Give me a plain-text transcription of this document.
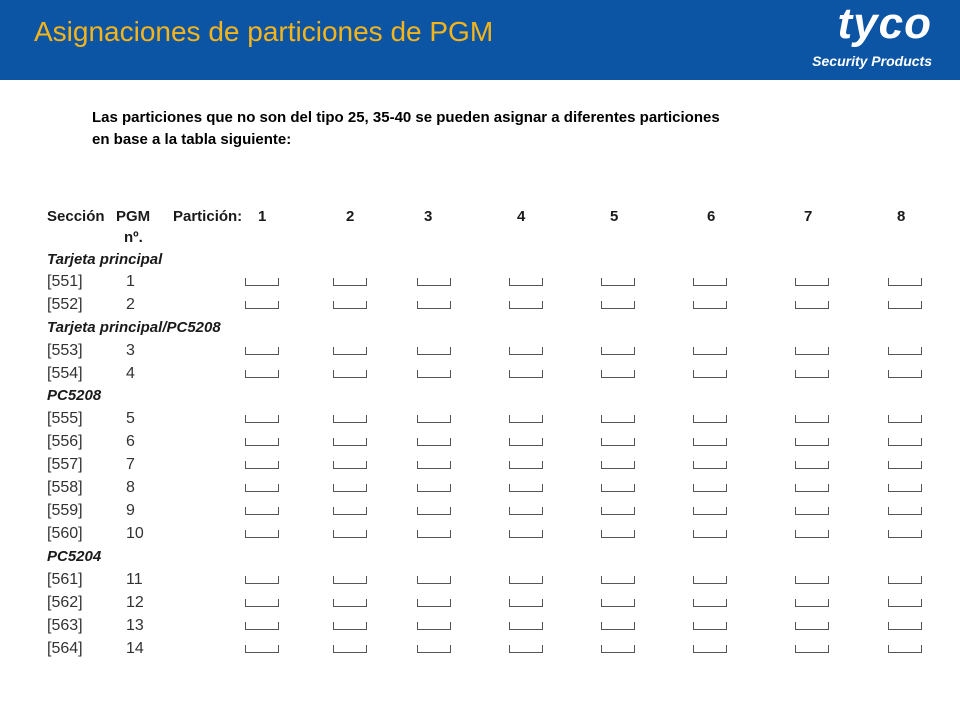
Asignaciones de particiones de PGM	tyco
Security Products
Las particiones que no son del tipo 25, 35-40 se pueden asignar a diferentes particiones
en base a la tabla siguiente:
Sección PGM
nº.
Partición: 1	2	3	4	5	6	7	8
Tarjeta principal
[551]	1
[552]	2
Tarjeta principal/PC5208
[553]	3
[554]	4
PC5208
[555]	5
[556]	6
[557]	7
[558]	8
[559]	9
[560]	10
PC5204
[561]	11
[562]	12
[563]	13
[564]	14
